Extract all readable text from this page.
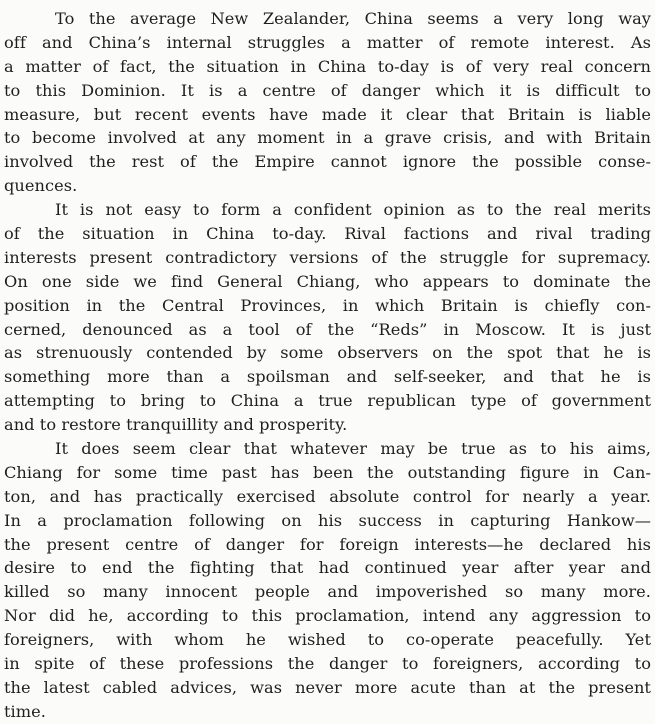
To the average New Zealander, China seems a very long way
off and China’s internal struggles a matter of remote interest. As
a matter of fact, the situation in China to-day is of very real concern
to this Dominion. It is a centre of danger which it is difficult to
measure, but recent events have made it clear that Britain is liable
to become involved at any moment in a grave crisis, and with Britain
involved the rest of the Empire cannot ignore the possible conse-
quences.
It is not easy to form a confident opinion as to the real merits
of the situation in China to-day. Rival factions and rival trading
interests present contradictory versions of the struggle for supremacy.
On one side we find General Chiang, who appears to dominate the
position in the Central Provinces, in which Britain is chiefly con-
cerned, denounced as a tool of the “Reds” in Moscow. It is just
as strenuously contended by some observers on the spot that he is
something more than a spoilsman and self-seeker, and that he is
attempting to bring to China a true republican type of government
and to restore tranquillity and prosperity.
It does seem clear that whatever may be true as to his aims,
Chiang for some time past has been the outstanding figure in Can-
ton, and has practically exercised absolute control for nearly a year.
In a proclamation following on his success in capturing Hankow—
the present centre of danger for foreign interests—he declared his
desire to end the fighting that had continued year after year and
killed so many innocent people and impoverished so many more.
Nor did he, according to this proclamation, intend any aggression to
foreigners, with whom he wished to co-operate peacefully. Yet
in spite of these professions the danger to foreigners, according to
the latest cabled advices, was never more acute than at the present
time.
